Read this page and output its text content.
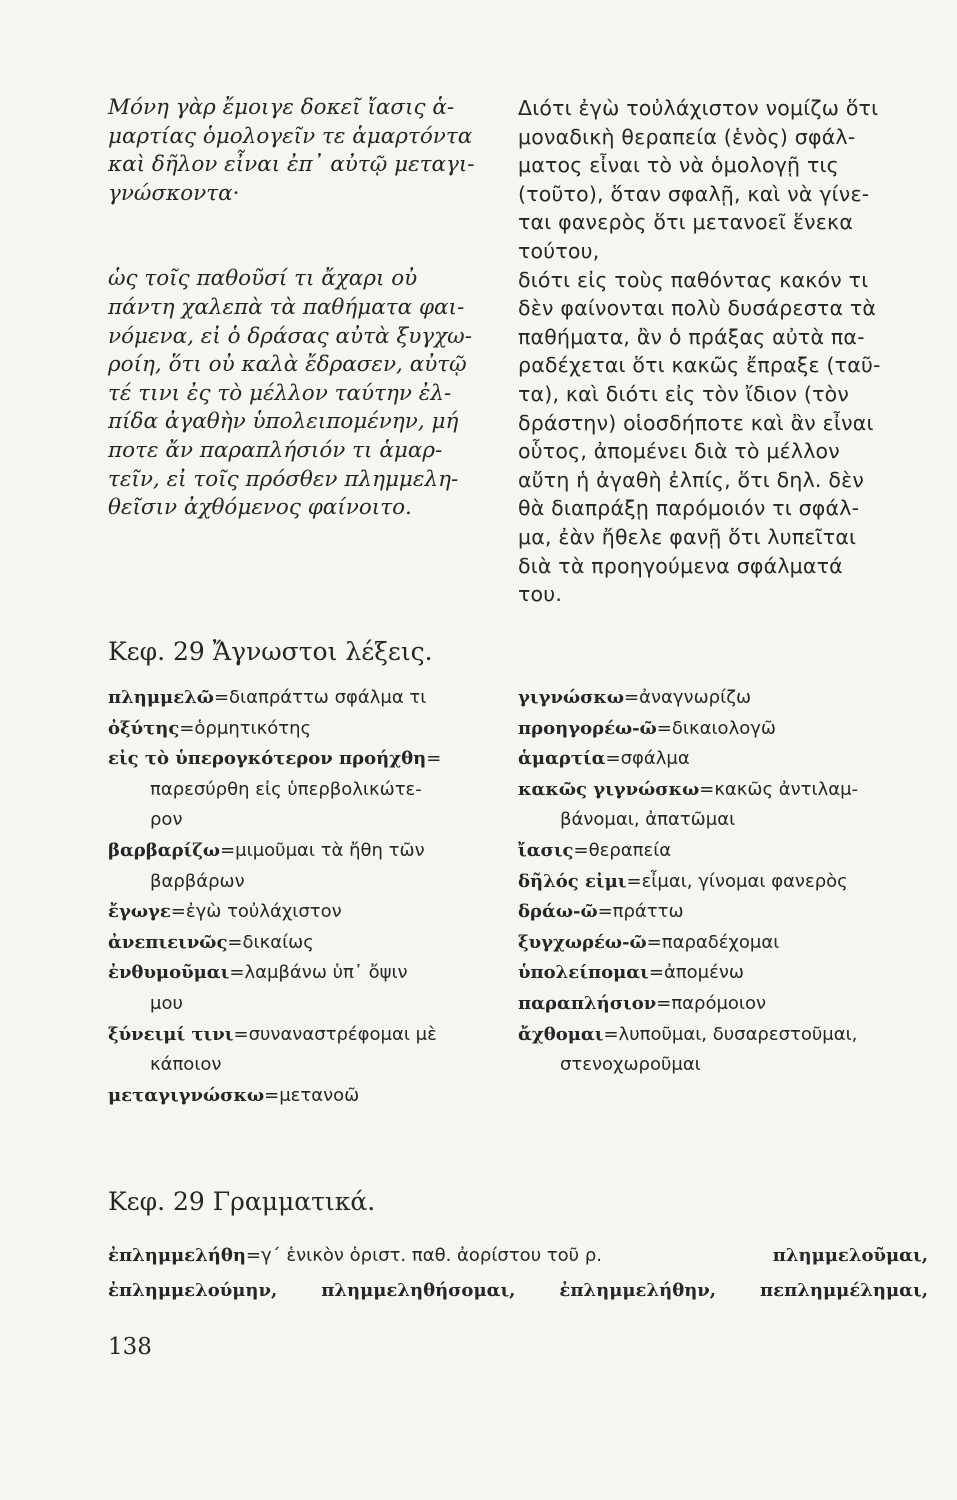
Μόνη γὰρ ἔμοιγε δοκεῖ ἴασις ἁ-
μαρτίας ὁμολογεῖν τε ἁμαρτόντα
καὶ δῆλον εἶναι ἐπ᾿ αὐτῷ μεταγι-
γνώσκοντα·
ὡς τοῖς παθοῦσί τι ἄχαρι οὐ
πάντη χαλεπὰ τὰ παθήματα φαι-
νόμενα, εἰ ὁ δράσας αὐτὰ ξυγχω-
ροίη, ὅτι οὐ καλὰ ἔδρασεν, αὐτῷ
τέ τινι ἐς τὸ μέλλον ταύτην ἐλ-
πίδα ἀγαθὴν ὑπολειπομένην, μή
ποτε ἄν παραπλήσιόν τι ἁμαρ-
τεῖν, εἰ τοῖς πρόσθεν πλημμελη-
θεῖσιν ἀχθόμενος φαίνοιτο.
Διότι ἐγὼ τοὐλάχιστον νομίζω ὅτι
μοναδικὴ θεραπεία (ἑνὸς) σφάλ-
ματος εἶναι τὸ νὰ ὁμολογῇ τις
(τοῦτο), ὅταν σφαλῇ, καὶ νὰ γίνε-
ται φανερὸς ὅτι μετανοεῖ ἕνεκα
τούτου,
διότι εἰς τοὺς παθόντας κακόν τι
δὲν φαίνονται πολὺ δυσάρεστα τὰ
παθήματα, ἂν ὁ πράξας αὐτὰ πα-
ραδέχεται ὅτι κακῶς ἔπραξε (ταῦ-
τα), καὶ διότι εἰς τὸν ἴδιον (τὸν
δράστην) οἱοσδήποτε καὶ ἂν εἶναι
οὗτος, ἀπομένει διὰ τὸ μέλλον
αὔτη ἡ ἀγαθὴ ἐλπίς, ὅτι δηλ. δὲν
θὰ διαπράξῃ παρόμοιόν τι σφάλ-
μα, ἐὰν ἤθελε φανῇ ὅτι λυπεῖται
διὰ τὰ προηγούμενα σφάλματά
του.
Κεφ. 29 Ἄγνωστοι λέξεις.
πλημμελῶ=διαπράττω σφάλμα τι
ὀξύτης=ὁρμητικότης
εἰς τὸ ὑπερογκότερον προήχθη=
παρεσύρθη εἰς ὑπερβολικώτε-
ρον
βαρβαρίζω=μιμοῦμαι τὰ ἤθη τῶν
βαρβάρων
ἔγωγε=ἐγὼ τοὐλάχιστον
ἀνεπιεινῶς=δικαίως
ἐνθυμοῦμαι=λαμβάνω ὑπ᾿ ὄψιν
μου
ξύνειμί τινι=συναναστρέφομαι μὲ
κάποιον
μεταγιγνώσκω=μετανοῶ
γιγνώσκω=ἀναγνωρίζω
προηγορέω-ῶ=δικαιολογῶ
ἁμαρτία=σφάλμα
κακῶς γιγνώσκω=κακῶς ἀντιλαμ-
βάνομαι, ἀπατῶμαι
ἴασις=θεραπεία
δῆλός εἰμι=εἶμαι, γίνομαι φανερὸς
δράω-ῶ=πράττω
ξυγχωρέω-ῶ=παραδέχομαι
ὑπολείπομαι=ἀπομένω
παραπλήσιον=παρόμοιον
ἄχθομαι=λυποῦμαι, δυσαρεστοῦμαι,
στενοχωροῦμαι
Κεφ. 29 Γραμματικά.
ἐπλημμελήθη=γ΄ ἑνικὸν ὁριστ. παθ. ἀορίστου τοῦ ρ.	πλημμελοῦμαι,
ἐπλημμελούμην, πλημμεληθήσομαι, ἐπλημμελήθην, πεπλημμέλημαι,
138
